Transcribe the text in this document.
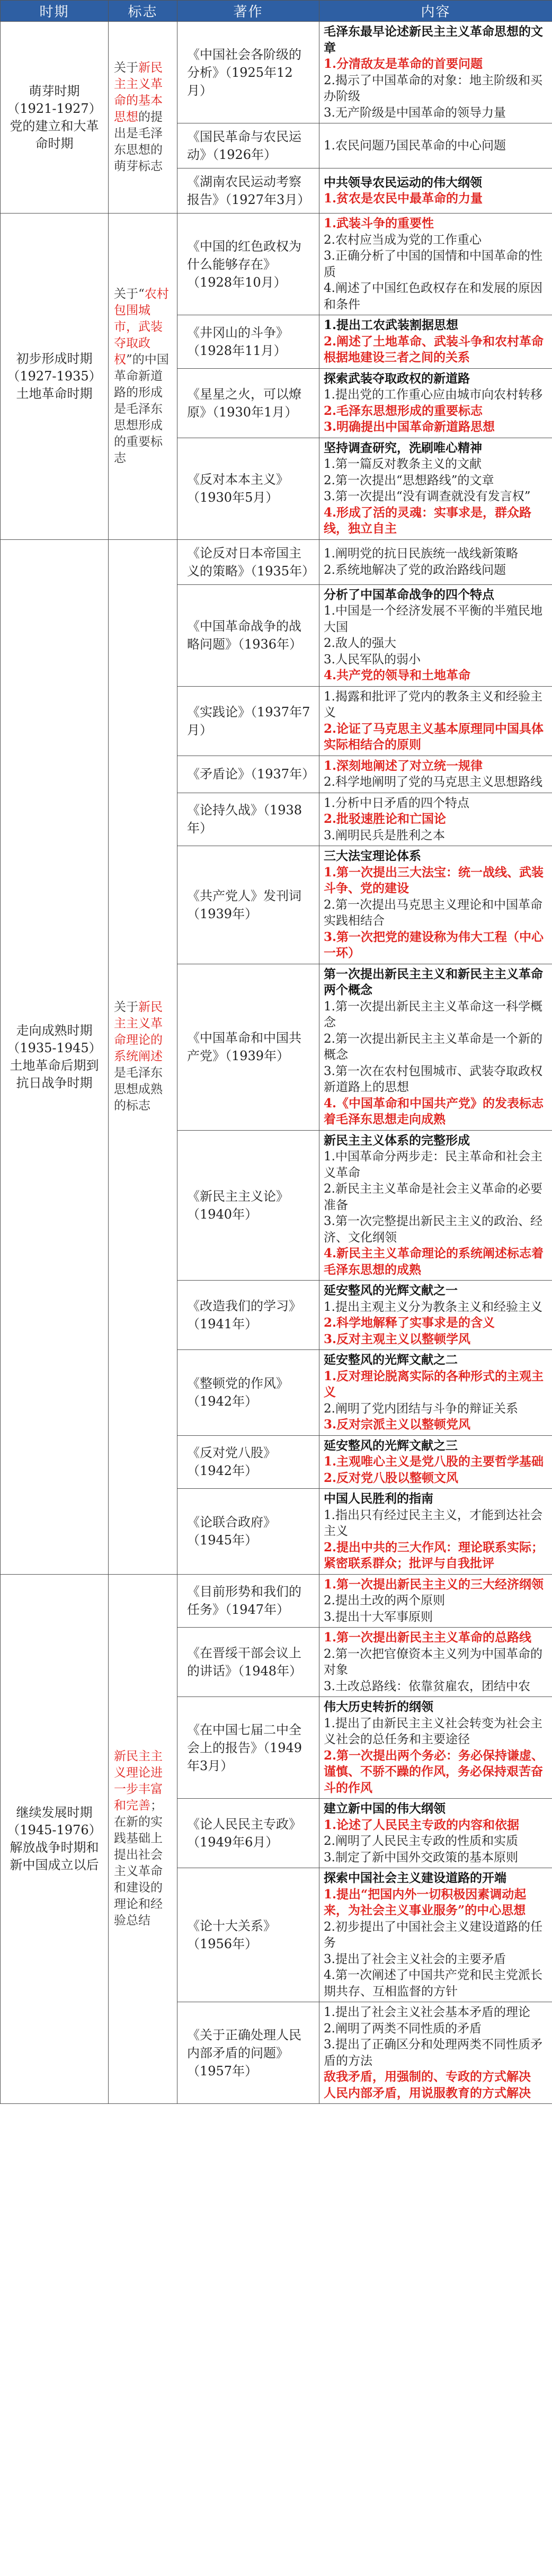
时期	标志	著作	内容
萌芽时期（1921-1927）党的建立和大革命时期	关于新民主主义革命的基本思想的提出是毛泽东思想的萌芽标志	《中国社会各阶级的分析》（1925年12月）	毛泽东最早论述新民主主义革命思想的文章
1.分清敌友是革命的首要问题
2.揭示了中国革命的对象：地主阶级和买办阶级
3.无产阶级是中国革命的领导力量

		《国民革命与农民运动》（1926年）	1.农民问题乃国民革命的中心问题

		《湖南农民运动考察报告》（1927年3月）	中共领导农民运动的伟大纲领
1.贫农是农民中最革命的力量

初步形成时期（1927-1935）土地革命时期	关于“农村包围城市，武装夺取政权”的中国革命新道路的形成是毛泽东思想形成的重要标志	《中国的红色政权为什么能够存在》（1928年10月）	1.武装斗争的重要性
2.农村应当成为党的工作重心
3.正确分析了中国的国情和中国革命的性质
4.阐述了中国红色政权存在和发展的原因和条件

		《井冈山的斗争》（1928年11月）	1.提出工农武装割据思想
2.阐述了土地革命、武装斗争和农村革命根据地建设三者之间的关系

		《星星之火，可以燎原》（1930年1月）	探索武装夺取政权的新道路
1.提出党的工作重心应由城市向农村转移
2.毛泽东思想形成的重要标志
3.明确提出中国革命新道路思想

		《反对本本主义》（1930年5月）	坚持调查研究，洗刷唯心精神
1.第一篇反对教条主义的文献
2.第一次提出“思想路线”的文章
3.第一次提出“没有调查就没有发言权”
4.形成了活的灵魂：实事求是，群众路线，独立自主

走向成熟时期（1935-1945）土地革命后期到抗日战争时期	关于新民主主义革命理论的系统阐述是毛泽东思想成熟的标志	《论反对日本帝国主义的策略》（1935年）	1.阐明党的抗日民族统一战线新策略
2.系统地解决了党的政治路线问题

		《中国革命战争的战略问题》（1936年）	分析了中国革命战争的四个特点
1.中国是一个经济发展不平衡的半殖民地大国
2.敌人的强大
3.人民军队的弱小
4.共产党的领导和土地革命

		《实践论》（1937年7月）	1.揭露和批评了党内的教条主义和经验主义
2.论证了马克思主义基本原理同中国具体实际相结合的原则

		《矛盾论》（1937年）	1.深刻地阐述了对立统一规律
2.科学地阐明了党的马克思主义思想路线

		《论持久战》（1938年）	1.分析中日矛盾的四个特点
2.批驳速胜论和亡国论
3.阐明民兵是胜利之本

		《共产党人》发刊词（1939年）	三大法宝理论体系
1.第一次提出三大法宝：统一战线、武装斗争、党的建设
2.第一次提出马克思主义理论和中国革命实践相结合
3.第一次把党的建设称为伟大工程（中心一环）

		《中国革命和中国共产党》（1939年）	第一次提出新民主主义和新民主主义革命两个概念
1.第一次提出新民主主义革命这一科学概念
2.第一次提出新民主主义革命是一个新的概念
3.第一次在农村包围城市、武装夺取政权新道路上的思想
4.《中国革命和中国共产党》的发表标志着毛泽东思想走向成熟

		《新民主主义论》（1940年）	新民主主义体系的完整形成
1.中国革命分两步走：民主革命和社会主义革命
2.新民主主义革命是社会主义革命的必要准备
3.第一次完整提出新民主主义的政治、经济、文化纲领
4.新民主主义革命理论的系统阐述标志着毛泽东思想的成熟

		《改造我们的学习》（1941年）	延安整风的光辉文献之一
1.提出主观主义分为教条主义和经验主义
2.科学地解释了实事求是的含义
3.反对主观主义以整顿学风

		《整顿党的作风》（1942年）	延安整风的光辉文献之二
1.反对理论脱离实际的各种形式的主观主义
2.阐明了党内团结与斗争的辩证关系
3.反对宗派主义以整顿党风

		《反对党八股》（1942年）	延安整风的光辉文献之三
1.主观唯心主义是党八股的主要哲学基础
2.反对党八股以整顿文风

		《论联合政府》（1945年）	中国人民胜利的指南
1.指出只有经过民主主义，才能到达社会主义
2.提出中共的三大作风：理论联系实际；紧密联系群众；批评与自我批评

继续发展时期（1945-1976）解放战争时期和新中国成立以后	新民主主义理论进一步丰富和完善；在新的实践基础上提出社会主义革命和建设的理论和经验总结	《目前形势和我们的任务》（1947年）	1.第一次提出新民主主义的三大经济纲领
2.提出土改的两个原则
3.提出十大军事原则

		《在晋绥干部会议上的讲话》（1948年）	1.第一次提出新民主主义革命的总路线
2.第一次把官僚资本主义列为中国革命的对象
3.土改总路线：依靠贫雇农，团结中农

		《在中国七届二中全会上的报告》（1949年3月）	伟大历史转折的纲领
1.提出了由新民主主义社会转变为社会主义社会的总任务和主要途径
2.第一次提出两个务必：务必保持谦虚、谨慎、不骄不躁的作风，务必保持艰苦奋斗的作风

		《论人民民主专政》（1949年6月）	建立新中国的伟大纲领
1.论述了人民民主专政的内容和依据
2.阐明了人民民主专政的性质和实质
3.制定了新中国外交政策的基本原则

		《论十大关系》（1956年）	探索中国社会主义建设道路的开端
1.提出“把国内外一切积极因素调动起来，为社会主义事业服务”的中心思想
2.初步提出了中国社会主义建设道路的任务
3.提出了社会主义社会的主要矛盾
4.第一次阐述了中国共产党和民主党派长期共存、互相监督的方针

		《关于正确处理人民内部矛盾的问题》（1957年）	1.提出了社会主义社会基本矛盾的理论
2.阐明了两类不同性质的矛盾
3.提出了正确区分和处理两类不同性质矛盾的方法
敌我矛盾，用强制的、专政的方式解决
人民内部矛盾，用说服教育的方式解决
